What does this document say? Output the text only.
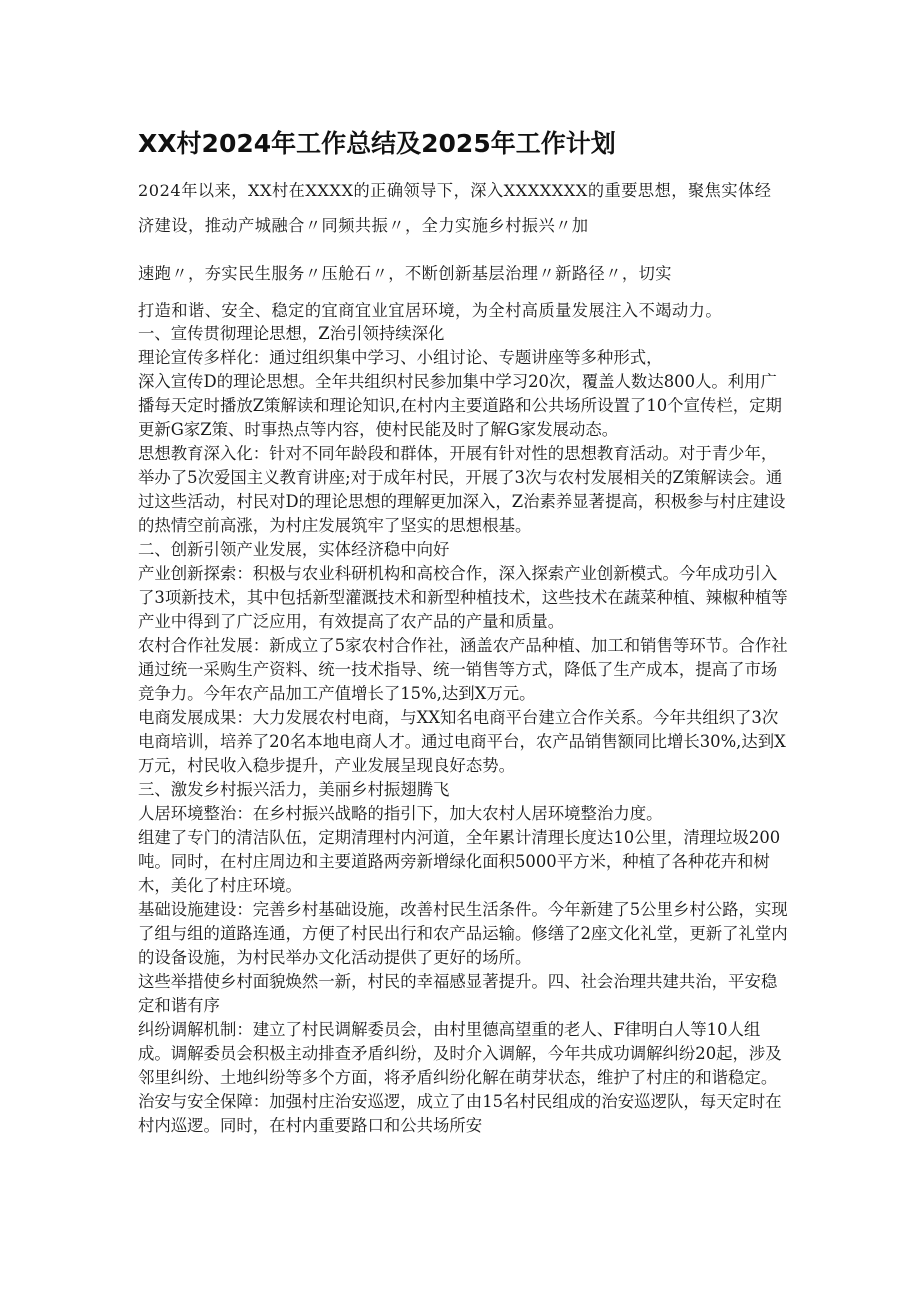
XX村2024年工作总结及2025年工作计划
2024年以来，XX村在XXXX的正确领导下，深入XXXXXXX的重要思想，聚焦实体经
济建设，推动产城融合〃同频共振〃，全力实施乡村振兴〃加
速跑〃，夯实民生服务〃压舱石〃，不断创新基层治理〃新路径〃，切实
打造和谐、安全、稳定的宜商宜业宜居环境，为全村高质量发展注入不竭动力。

一、宣传贯彻理论思想，Z治引领持续深化

理论宣传多样化：通过组织集中学习、小组讨论、专题讲座等多种形式，

深入宣传D的理论思想。全年共组织村民参加集中学习20次，覆盖人数达800人。利用广播每天定时播放Z策解读和理论知识,在村内主要道路和公共场所设置了10个宣传栏，定期更新G家Z策、时事热点等内容，使村民能及时了解G家发展动态。

思想教育深入化：针对不同年龄段和群体，开展有针对性的思想教育活动。对于青少年，举办了5次爱国主义教育讲座;对于成年村民，开展了3次与农村发展相关的Z策解读会。通过这些活动，村民对D的理论思想的理解更加深入，Z治素养显著提高，积极参与村庄建设的热情空前高涨，为村庄发展筑牢了坚实的思想根基。

二、创新引领产业发展，实体经济稳中向好

产业创新探索：积极与农业科研机构和高校合作，深入探索产业创新模式。今年成功引入了3项新技术，其中包括新型灌溉技术和新型种植技术，这些技术在蔬菜种植、辣椒种植等产业中得到了广泛应用，有效提高了农产品的产量和质量。

农村合作社发展：新成立了5家农村合作社，涵盖农产品种植、加工和销售等环节。合作社通过统一采购生产资料、统一技术指导、统一销售等方式，降低了生产成本，提高了市场竞争力。今年农产品加工产值增长了15%,达到X万元。

电商发展成果：大力发展农村电商，与XX知名电商平台建立合作关系。今年共组织了3次电商培训，培养了20名本地电商人才。通过电商平台，农产品销售额同比增长30%,达到X万元，村民收入稳步提升，产业发展呈现良好态势。

三、激发乡村振兴活力，美丽乡村振翅腾飞

人居环境整治：在乡村振兴战略的指引下，加大农村人居环境整治力度。

组建了专门的清洁队伍，定期清理村内河道，全年累计清理长度达10公里，清理垃圾200吨。同时，在村庄周边和主要道路两旁新增绿化面积5000平方米，种植了各种花卉和树木，美化了村庄环境。

基础设施建设：完善乡村基础设施，改善村民生活条件。今年新建了5公里乡村公路，实现了组与组的道路连通，方便了村民出行和农产品运输。修缮了2座文化礼堂，更新了礼堂内的设备设施，为村民举办文化活动提供了更好的场所。

这些举措使乡村面貌焕然一新，村民的幸福感显著提升。四、社会治理共建共治，平安稳定和谐有序

纠纷调解机制：建立了村民调解委员会，由村里德高望重的老人、F律明白人等10人组成。调解委员会积极主动排查矛盾纠纷，及时介入调解，今年共成功调解纠纷20起，涉及邻里纠纷、土地纠纷等多个方面，将矛盾纠纷化解在萌芽状态，维护了村庄的和谐稳定。治安与安全保障：加强村庄治安巡逻，成立了由15名村民组成的治安巡逻队，每天定时在村内巡逻。同时，在村内重要路口和公共场所安
